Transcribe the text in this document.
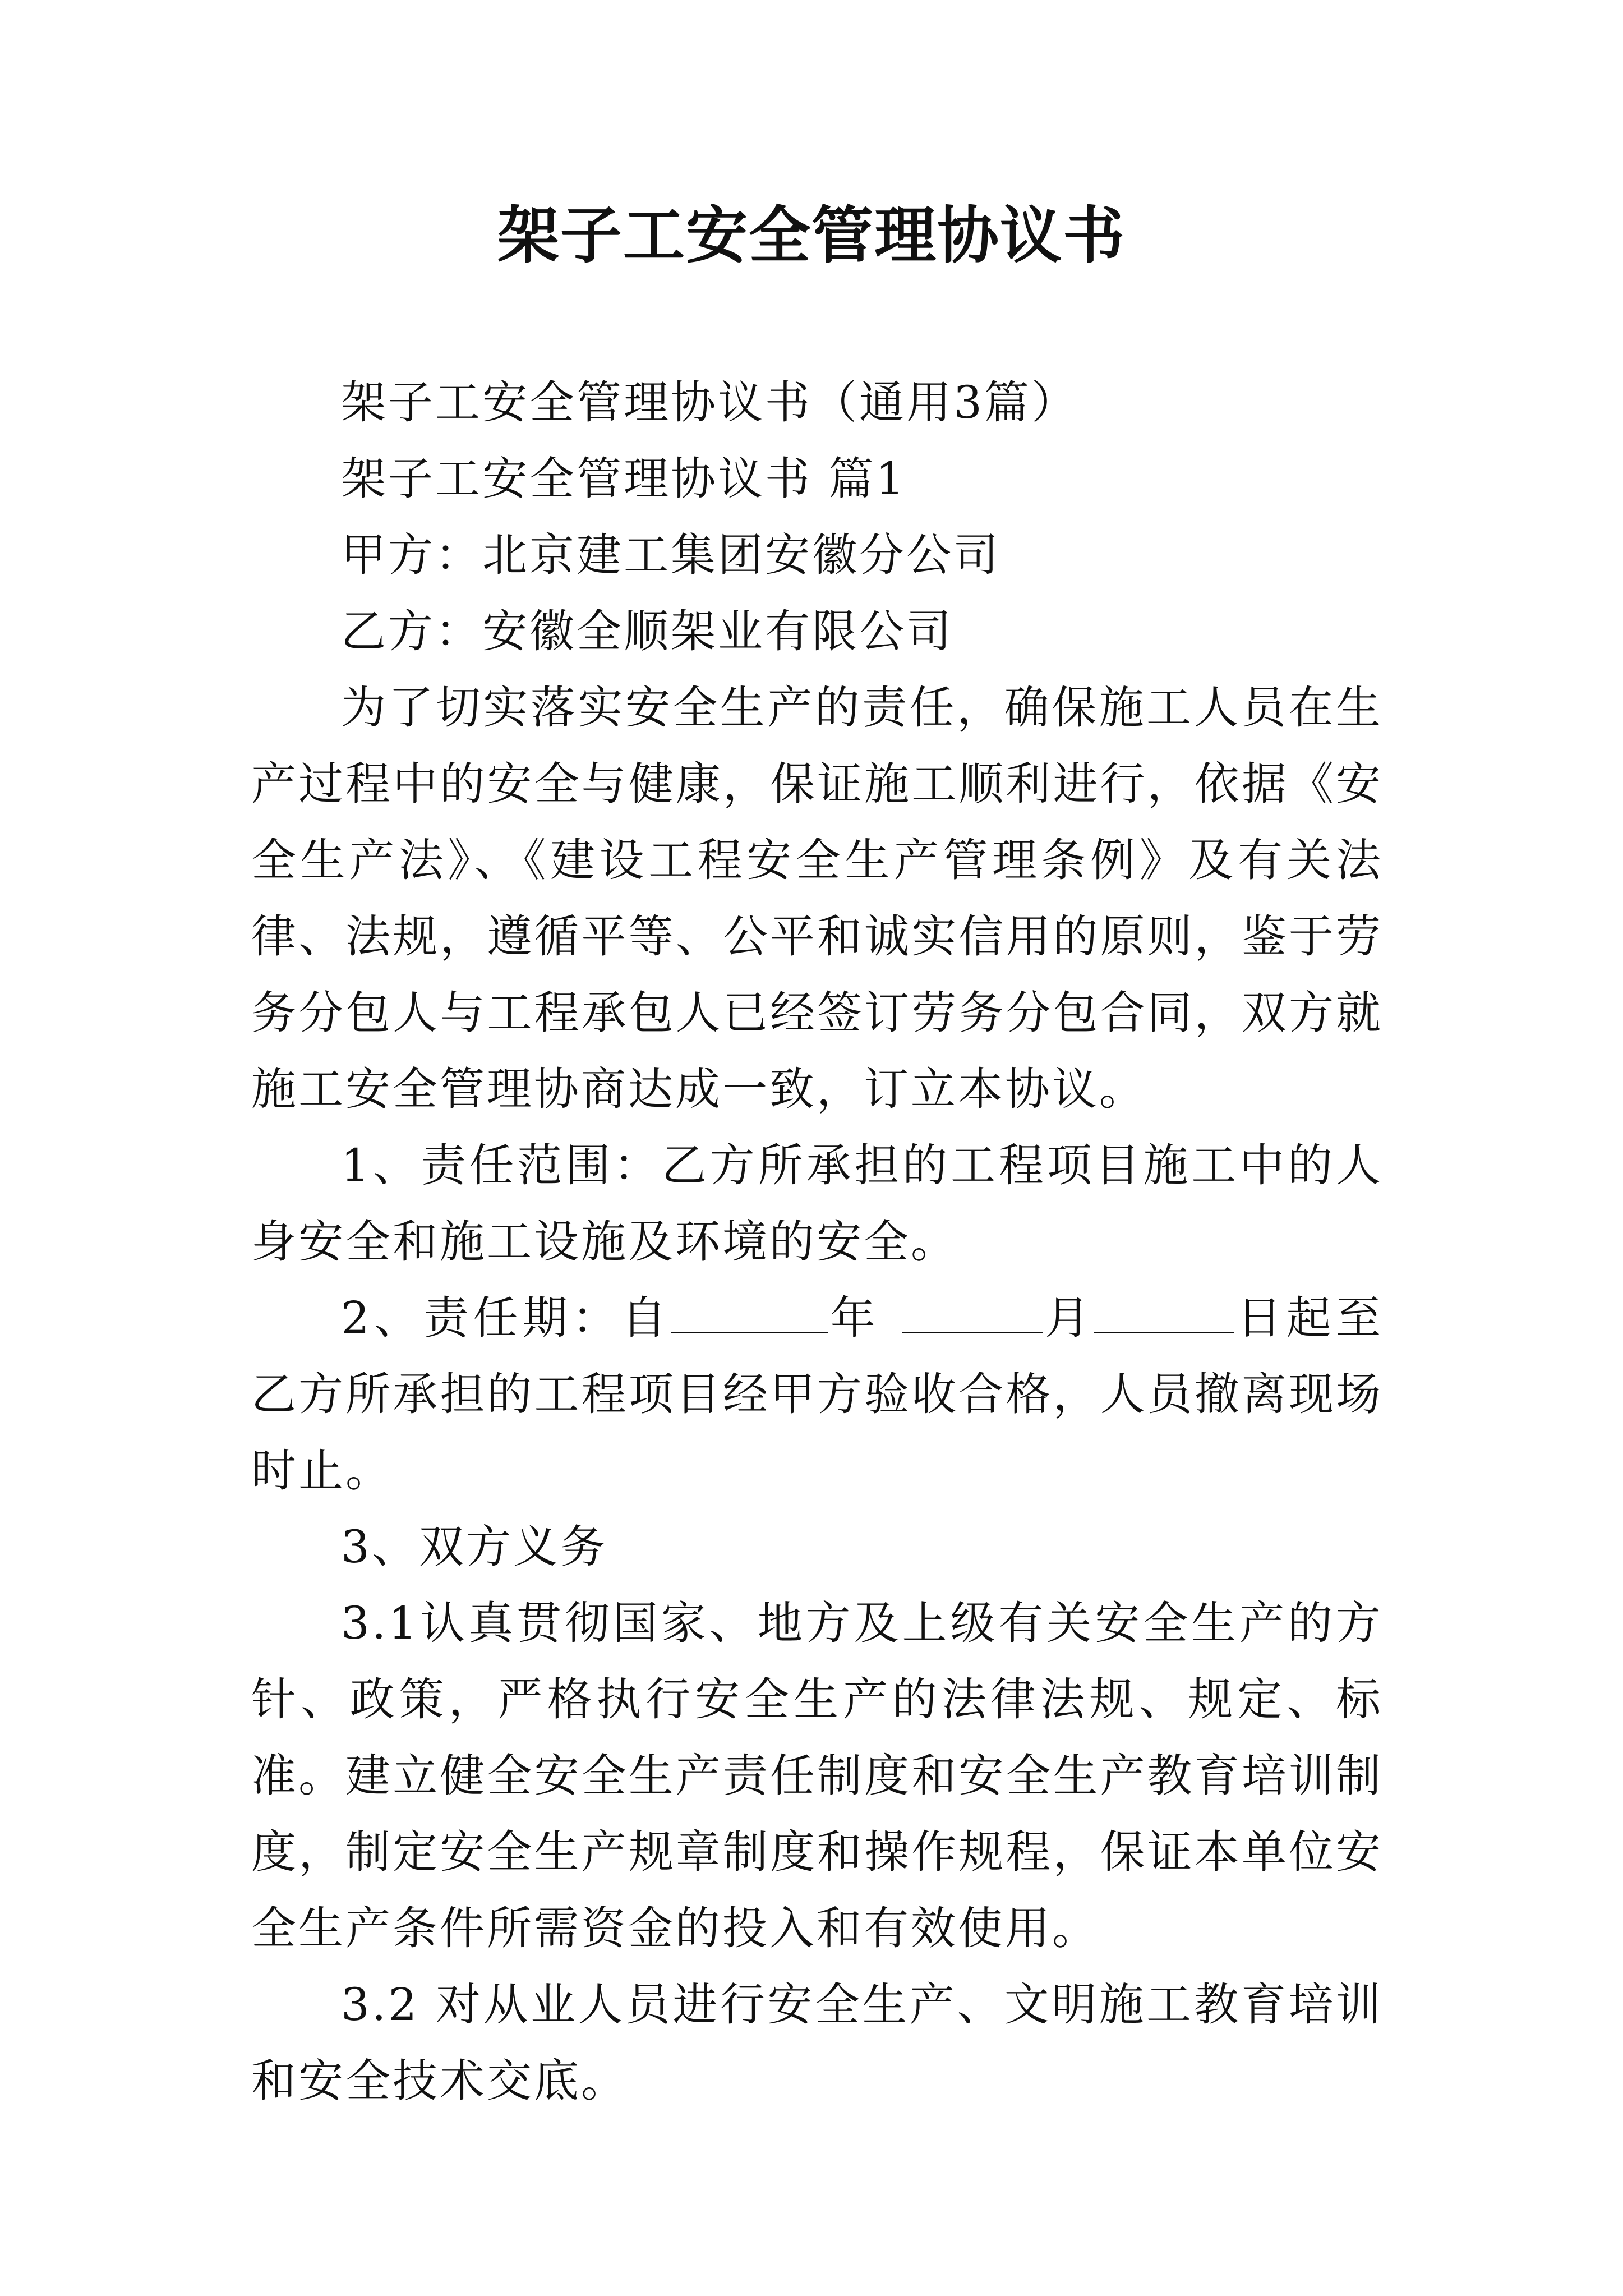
架子工安全管理协议书

架子工安全管理协议书（通用3篇）

架子工安全管理协议书 篇1

甲方：北京建工集团安徽分公司

乙方：安徽全顺架业有限公司

为了切实落实安全生产的责任，确保施工人员在生产过程中的安全与健康，保证施工顺利进行，依据《安全生产法》、《建设工程安全生产管理条例》及有关法律、法规，遵循平等、公平和诚实信用的原则，鉴于劳务分包人与工程承包人已经签订劳务分包合同，双方就施工安全管理协商达成一致，订立本协议。

1、责任范围：乙方所承担的工程项目施工中的人身安全和施工设施及环境的安全。

2、责任期：自	年	月	日起至乙方所承担的工程项目经甲方验收合格，人员撤离现场时止。

3、双方义务

3.1认真贯彻国家、地方及上级有关安全生产的方针、政策，严格执行安全生产的法律法规、规定、标准。建立健全安全生产责任制度和安全生产教育培训制度，制定安全生产规章制度和操作规程，保证本单位安全生产条件所需资金的投入和有效使用。

3.2 对从业人员进行安全生产、文明施工教育培训和安全技术交底。
